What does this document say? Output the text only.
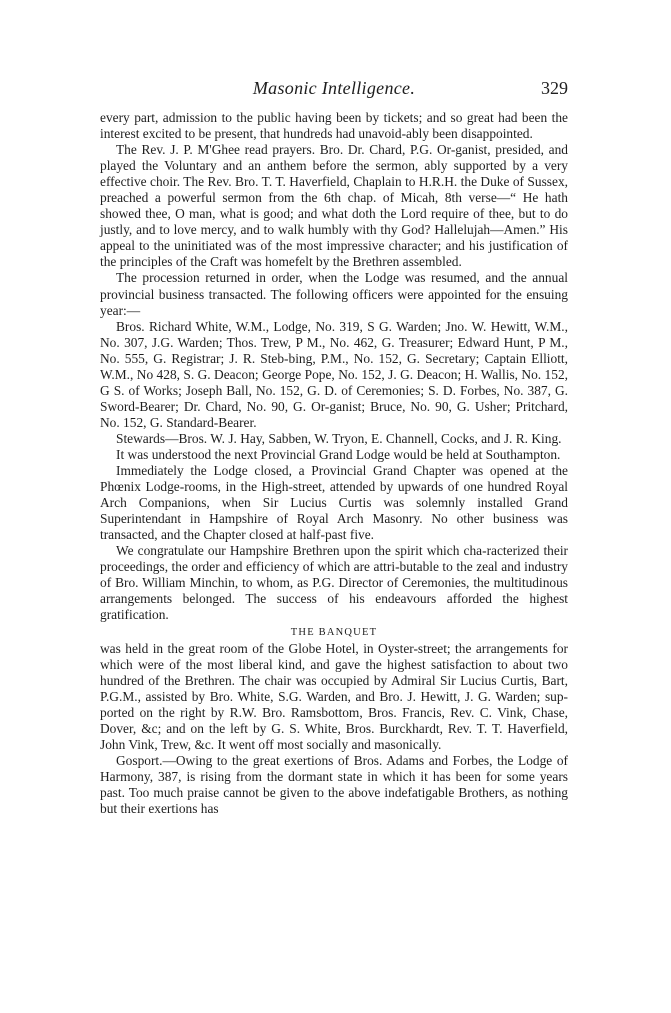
Masonic Intelligence.	329

every part, admission to the public having been by tickets; and so great had been the interest excited to be present, that hundreds had unavoid-ably been disappointed.

The Rev. J. P. M'Ghee read prayers. Bro. Dr. Chard, P.G. Or-ganist, presided, and played the Voluntary and an anthem before the sermon, ably supported by a very effective choir. The Rev. Bro. T. T. Haverfield, Chaplain to H.R.H. the Duke of Sussex, preached a powerful sermon from the 6th chap. of Micah, 8th verse—“ He hath showed thee, O man, what is good; and what doth the Lord require of thee, but to do justly, and to love mercy, and to walk humbly with thy God? Hallelujah—Amen.” His appeal to the uninitiated was of the most impressive character; and his justification of the principles of the Craft was homefelt by the Brethren assembled.

The procession returned in order, when the Lodge was resumed, and the annual provincial business transacted. The following officers were appointed for the ensuing year:—

Bros. Richard White, W.M., Lodge, No. 319, S G. Warden; Jno. W. Hewitt, W.M., No. 307, J.G. Warden; Thos. Trew, P M., No. 462, G. Treasurer; Edward Hunt, P M., No. 555, G. Registrar; J. R. Steb-bing, P.M., No. 152, G. Secretary; Captain Elliott, W.M., No 428, S. G. Deacon; George Pope, No. 152, J. G. Deacon; H. Wallis, No. 152, G S. of Works; Joseph Ball, No. 152, G. D. of Ceremonies; S. D. Forbes, No. 387, G. Sword-Bearer; Dr. Chard, No. 90, G. Or-ganist; Bruce, No. 90, G. Usher; Pritchard, No. 152, G. Standard-Bearer.

Stewards—Bros. W. J. Hay, Sabben, W. Tryon, E. Channell, Cocks, and J. R. King.

It was understood the next Provincial Grand Lodge would be held at Southampton.

Immediately the Lodge closed, a Provincial Grand Chapter was opened at the Phœnix Lodge-rooms, in the High-street, attended by upwards of one hundred Royal Arch Companions, when Sir Lucius Curtis was solemnly installed Grand Superintendant in Hampshire of Royal Arch Masonry. No other business was transacted, and the Chapter closed at half-past five.

We congratulate our Hampshire Brethren upon the spirit which cha-racterized their proceedings, the order and efficiency of which are attri-butable to the zeal and industry of Bro. William Minchin, to whom, as P.G. Director of Ceremonies, the multitudinous arrangements belonged. The success of his endeavours afforded the highest gratification.

THE BANQUET

was held in the great room of the Globe Hotel, in Oyster-street; the arrangements for which were of the most liberal kind, and gave the highest satisfaction to about two hundred of the Brethren. The chair was occupied by Admiral Sir Lucius Curtis, Bart, P.G.M., assisted by Bro. White, S.G. Warden, and Bro. J. Hewitt, J. G. Warden; sup-ported on the right by R.W. Bro. Ramsbottom, Bros. Francis, Rev. C. Vink, Chase, Dover, &c; and on the left by G. S. White, Bros. Burckhardt, Rev. T. T. Haverfield, John Vink, Trew, &c. It went off most socially and masonically.

Gosport.—Owing to the great exertions of Bros. Adams and Forbes, the Lodge of Harmony, 387, is rising from the dormant state in which it has been for some years past. Too much praise cannot be given to the above indefatigable Brothers, as nothing but their exertions has
